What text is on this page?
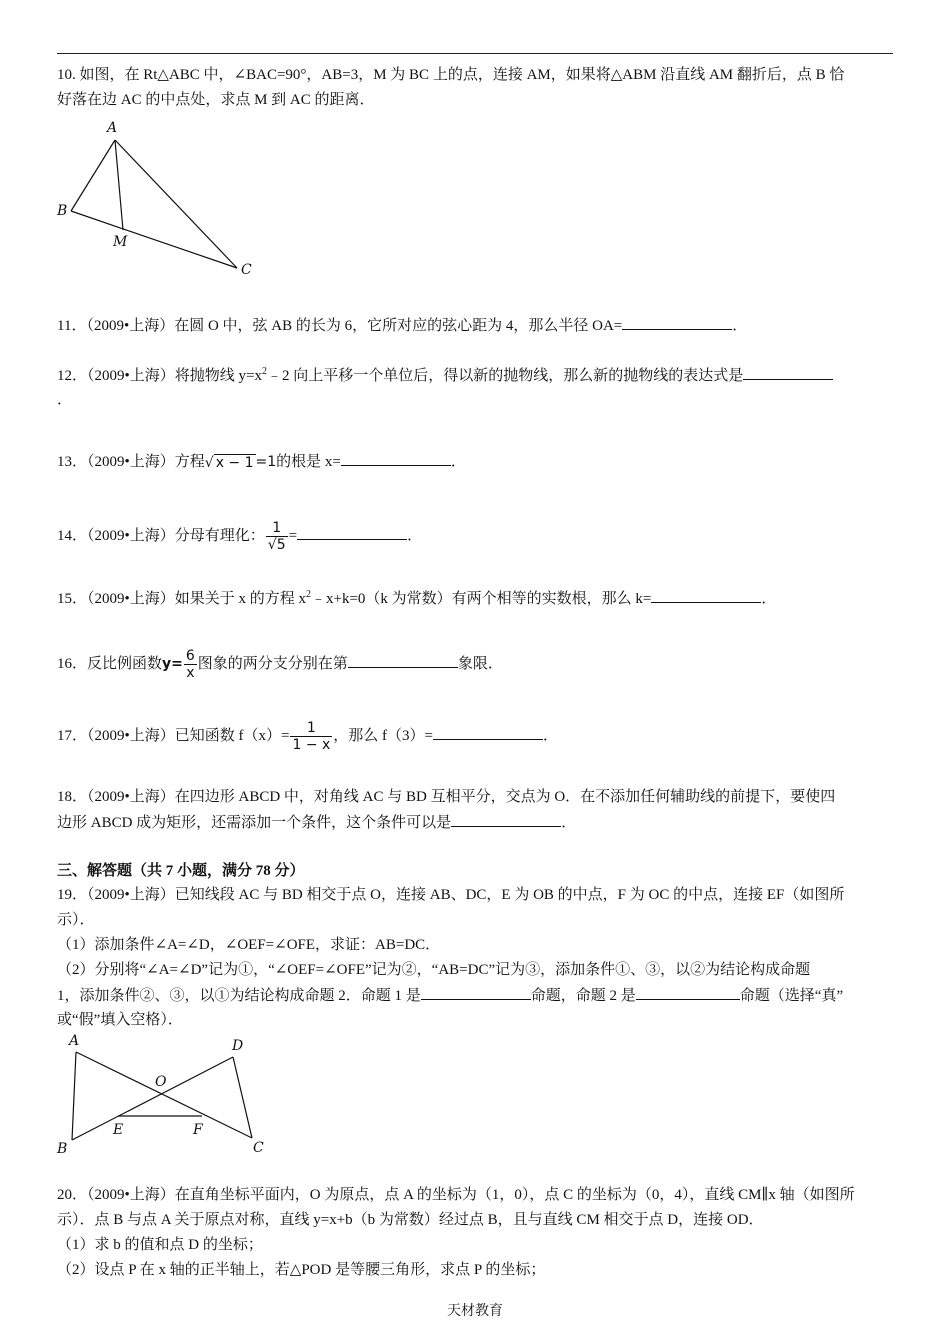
10. 如图，在 Rt△ABC 中，∠BAC=90°，AB=3，M 为 BC 上的点，连接 AM，如果将△ABM 沿直线 AM 翻折后，点 B 恰
好落在边 AC 的中点处，求点 M 到 AC 的距离．
A
B
M
C
11．（2009•上海）在圆 O 中，弦 AB 的长为 6，它所对应的弦心距为 4，那么半径 OA=	．
12．（2009•上海）将抛物线 $y=x^2﹣2$ 向上平移一个单位后，得以新的抛物线，那么新的抛物线的表达式是
．
13．（2009•上海）方程√ x − 1 =1的根是 x=	．
14．（2009•上海）分母有理化： $\frac{1}{√5}$ =	．
15．（2009•上海）如果关于 x 的方程 $x^2﹣x+k=0(k$ 为常数）有两个相等的实数根，那么 k=	．
16．反比例函数$y= \frac{6}{x}$ 图象的两分支分别在第	象限．
17．（2009•上海）已知函数 $f(x)= \frac{1}{1 - x}$ ，那么 f（3）=	．
18．（2009•上海）在四边形 ABCD 中，对角线 AC 与 BD 互相平分，交点为 O．在不添加任何辅助线的前提下，要使四
边形 ABCD 成为矩形，还需添加一个条件，这个条件可以是	．
三、解答题（共 7 小题，满分 78 分）
19．（2009•上海）已知线段 AC 与 BD 相交于点 O，连接 AB、DC，E 为 OB 的中点，F 为 OC 的中点，连接 EF（如图所
示）．
（1）添加条件∠A=∠D，∠OEF=∠OFE，求证：AB=DC．
（2）分别将“∠A=∠D”记为①，“∠OEF=∠OFE”记为②，“AB=DC”记为③，添加条件①、③，以②为结论构成命题
1，添加条件②、③，以①为结论构成命题 2．命题 1 是	命题，命题 2 是	命题（选择“真”
或“假”填入空格）．
A	D
O
E	F
B	C
20．（2009•上海）在直角坐标平面内，O 为原点，点 A 的坐标为（1，0），点 C 的坐标为（0，4），直线 CM∥x 轴（如图所
示）．点 B 与点 A 关于原点对称，直线 y=x+b（b 为常数）经过点 B，且与直线 CM 相交于点 D，连接 OD．
（1）求 b 的值和点 D 的坐标；
（2）设点 P 在 x 轴的正半轴上，若△POD 是等腰三角形，求点 P 的坐标；
天材教育
